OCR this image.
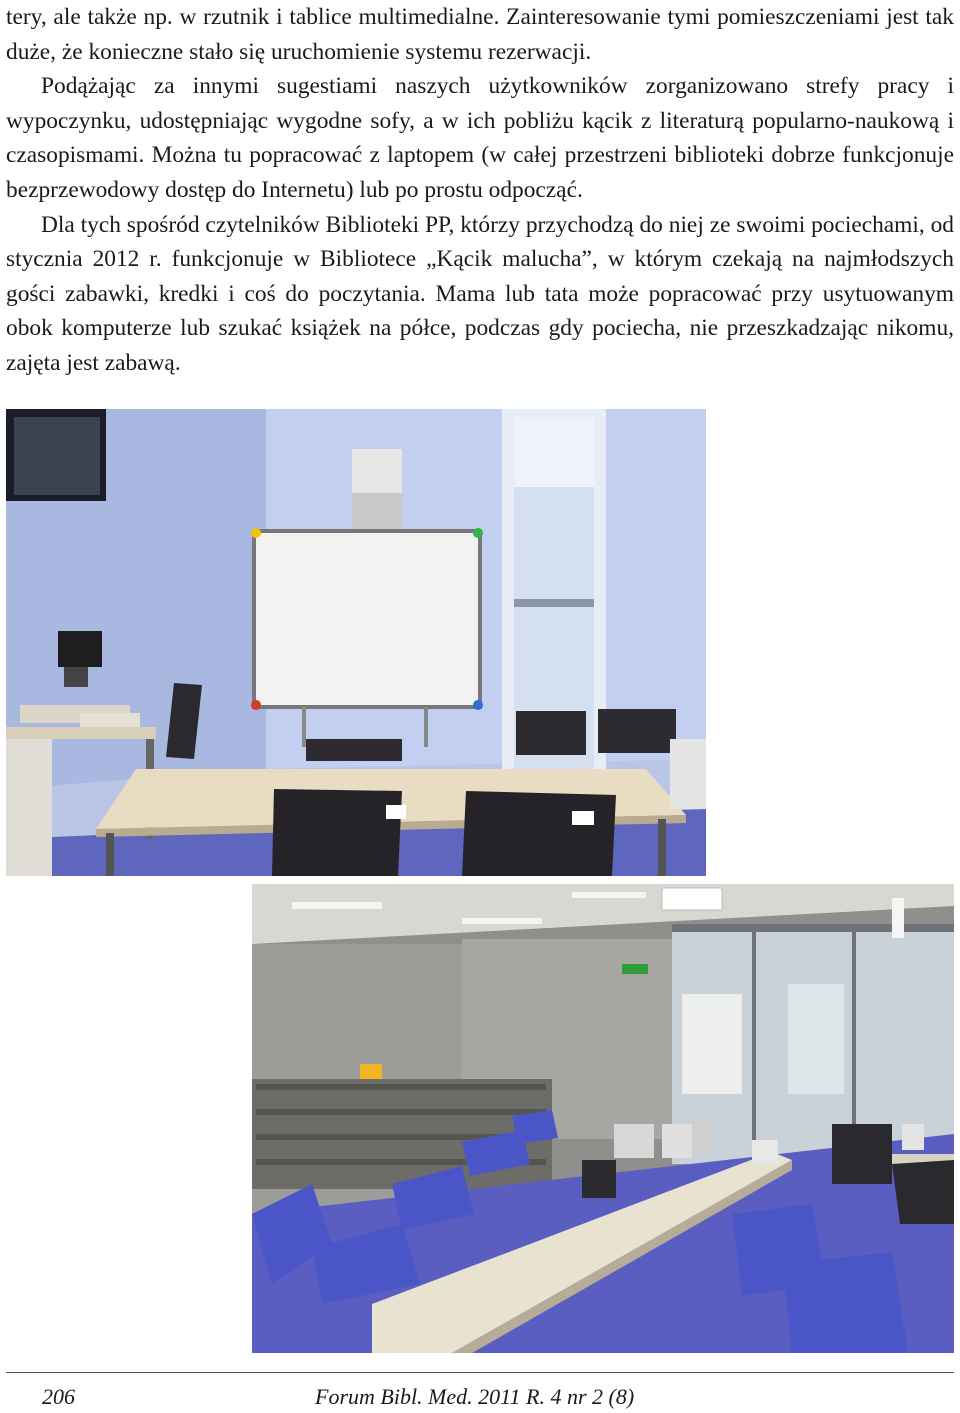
tery, ale także np. w rzutnik i tablice multimedialne. Zainteresowanie tymi pomieszczeniami jest tak duże, że konieczne stało się uruchomienie systemu rezerwacji.

Podążając za innymi sugestiami naszych użytkowników zorganizowano strefy pracy i wypoczynku, udostępniając wygodne sofy, a w ich pobliżu kącik z literaturą popularno-naukową i czasopismami. Można tu popracować z laptopem (w całej przestrzeni biblioteki dobrze funkcjonuje bezprzewodowy dostęp do Internetu) lub po prostu odpocząć.

Dla tych spośród czytelników Biblioteki PP, którzy przychodzą do niej ze swoimi pociechami, od stycznia 2012 r. funkcjonuje w Bibliotece „Kącik malucha”, w którym czekają na najmłodszych gości zabawki, kredki i coś do poczytania. Mama lub tata może popracować przy usytuowanym obok komputerze lub szukać książek na półce, podczas gdy pociecha, nie przeszkadzając nikomu, zajęta jest zabawą.

206	Forum Bibl. Med. 2011 R. 4 nr 2 (8)
